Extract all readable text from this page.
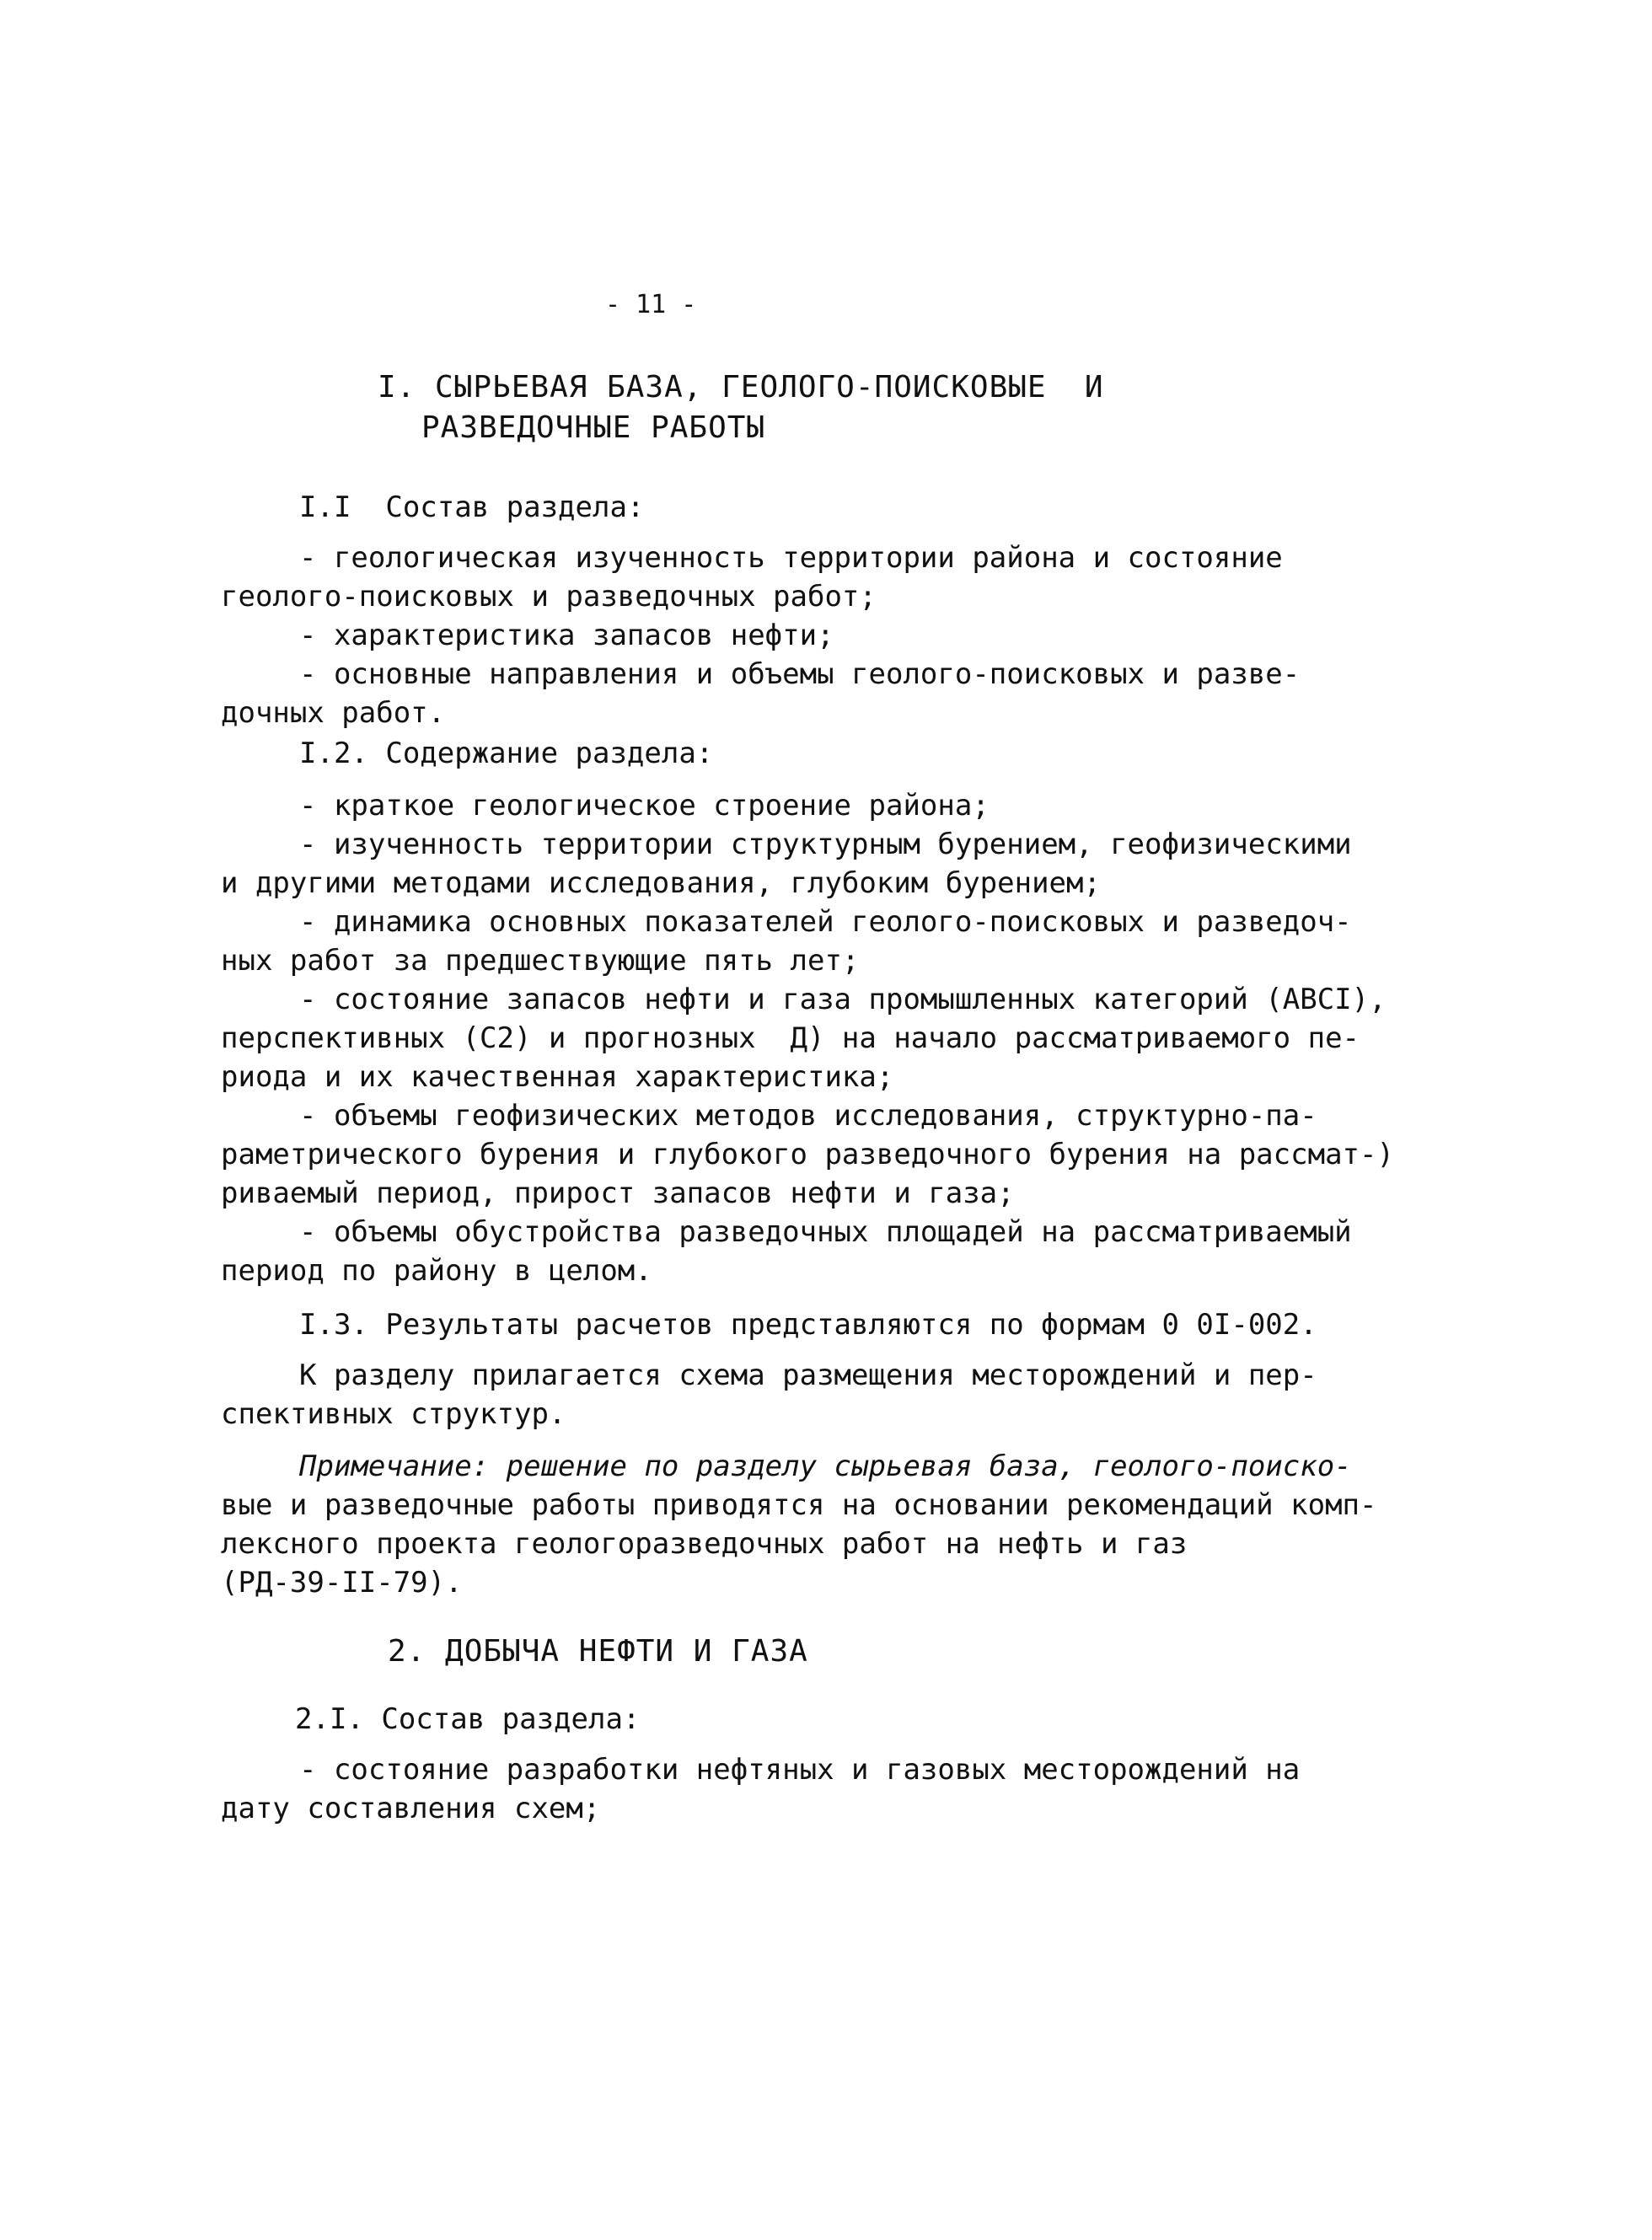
- 11 -
I. СЫРЬЕВАЯ БАЗА, ГЕОЛОГО-ПОИСКОВЫЕ  И
РАЗВЕДОЧНЫЕ РАБОТЫ
I.I  Состав раздела:
- геологическая изученность территории района и состояние
геолого-поисковых и разведочных работ;
- характеристика запасов нефти;
- основные направления и объемы геолого-поисковых и разве-
дочных работ.
I.2. Содержание раздела:
- краткое геологическое строение района;
- изученность территории структурным бурением, геофизическими
и другими методами исследования, глубоким бурением;
- динамика основных показателей геолого-поисковых и разведоч-
ных работ за предшествующие пять лет;
- состояние запасов нефти и газа промышленных категорий (АВСI),
перспективных (С2) и прогнозных  Д) на начало рассматриваемого пе-
риода и их качественная характеристика;
- объемы геофизических методов исследования, структурно-па-
раметрического бурения и глубокого разведочного бурения на рассмат-)
риваемый период, прирост запасов нефти и газа;
- объемы обустройства разведочных площадей на рассматриваемый
период по району в целом.
I.3. Результаты расчетов представляются по формам 0 0I-002.
К разделу прилагается схема размещения месторождений и пер-
спективных структур.
Примечание: решение по разделу сырьевая база, геолого-поиско-
вые и разведочные работы приводятся на основании рекомендаций комп-
лексного проекта геологоразведочных работ на нефть и газ
(РД-39-II-79).
2. ДОБЫЧА НЕФТИ И ГАЗА
2.I. Состав раздела:
- состояние разработки нефтяных и газовых месторождений на
дату составления схем;
